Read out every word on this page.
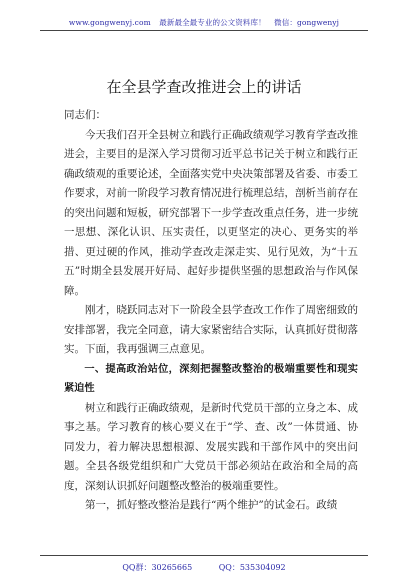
www.gongwenyj.com 最新最全最专业的公文资料库！ 微信：gongwenyj
在全县学查改推进会上的讲话

同志们：

今天我们召开全县树立和践行正确政绩观学习教育学查改推进会，主要目的是深入学习贯彻习近平总书记关于树立和践行正确政绩观的重要论述，全面落实党中央决策部署及省委、市委工作要求，对前一阶段学习教育情况进行梳理总结，剖析当前存在的突出问题和短板，研究部署下一步学查改重点任务，进一步统一思想、深化认识、压实责任，以更坚定的决心、更务实的举措、更过硬的作风，推动学查改走深走实、见行见效，为“十五五”时期全县发展开好局、起好步提供坚强的思想政治与作风保障。

刚才，晓跃同志对下一阶段全县学查改工作作了周密细致的安排部署，我完全同意，请大家紧密结合实际，认真抓好贯彻落实。下面，我再强调三点意见。

一、提高政治站位，深刻把握整改整治的极端重要性和现实紧迫性

树立和践行正确政绩观，是新时代党员干部的立身之本、成事之基。学习教育的核心要义在于“学、查、改”一体贯通、协同发力，着力解决思想根源、发展实践和干部作风中的突出问题。全县各级党组织和广大党员干部必须站在政治和全局的高度，深刻认识抓好问题整改整治的极端重要性。

第一，抓好整改整治是践行“两个维护”的试金石。政绩

QQ群：30265665	QQ：535304092
